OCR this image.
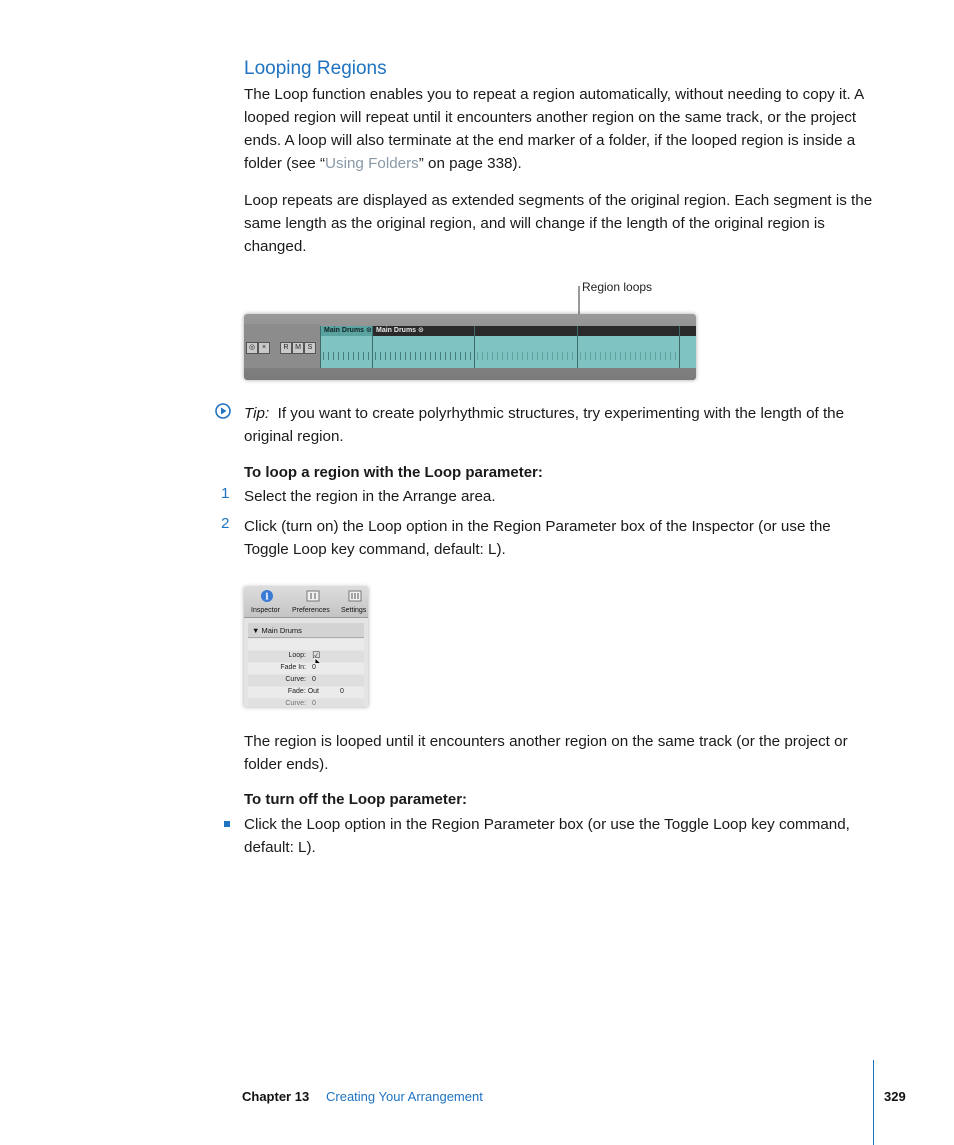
Looping Regions
The Loop function enables you to repeat a region automatically, without needing to copy it. A looped region will repeat until it encounters another region on the same track, or the project ends. A loop will also terminate at the end marker of a folder, if the looped region is inside a folder (see “Using Folders” on page 338).
Loop repeats are displayed as extended segments of the original region. Each segment is the same length as the original region, and will change if the length of the original region is changed.
Region loops
◎ ×	R M S
Main Drums ⊙ Main Drums ⊙
Tip: If you want to create polyrhythmic structures, try experimenting with the length of the original region.
To loop a region with the Loop parameter:
1 Select the region in the Arrange area.
2 Click (turn on) the Loop option in the Region Parameter box of the Inspector (or use the Toggle Loop key command, default: L).
i
Inspector Preferences Settings
▼ Main Drums
Loop: ☑
Fade In: 0
Curve: 0
Fade: Out	0
Curve: 0
The region is looped until it encounters another region on the same track (or the project or folder ends).
To turn off the Loop parameter:
Click the Loop option in the Region Parameter box (or use the Toggle Loop key command, default: L).
Chapter 13 Creating Your Arrangement	329
